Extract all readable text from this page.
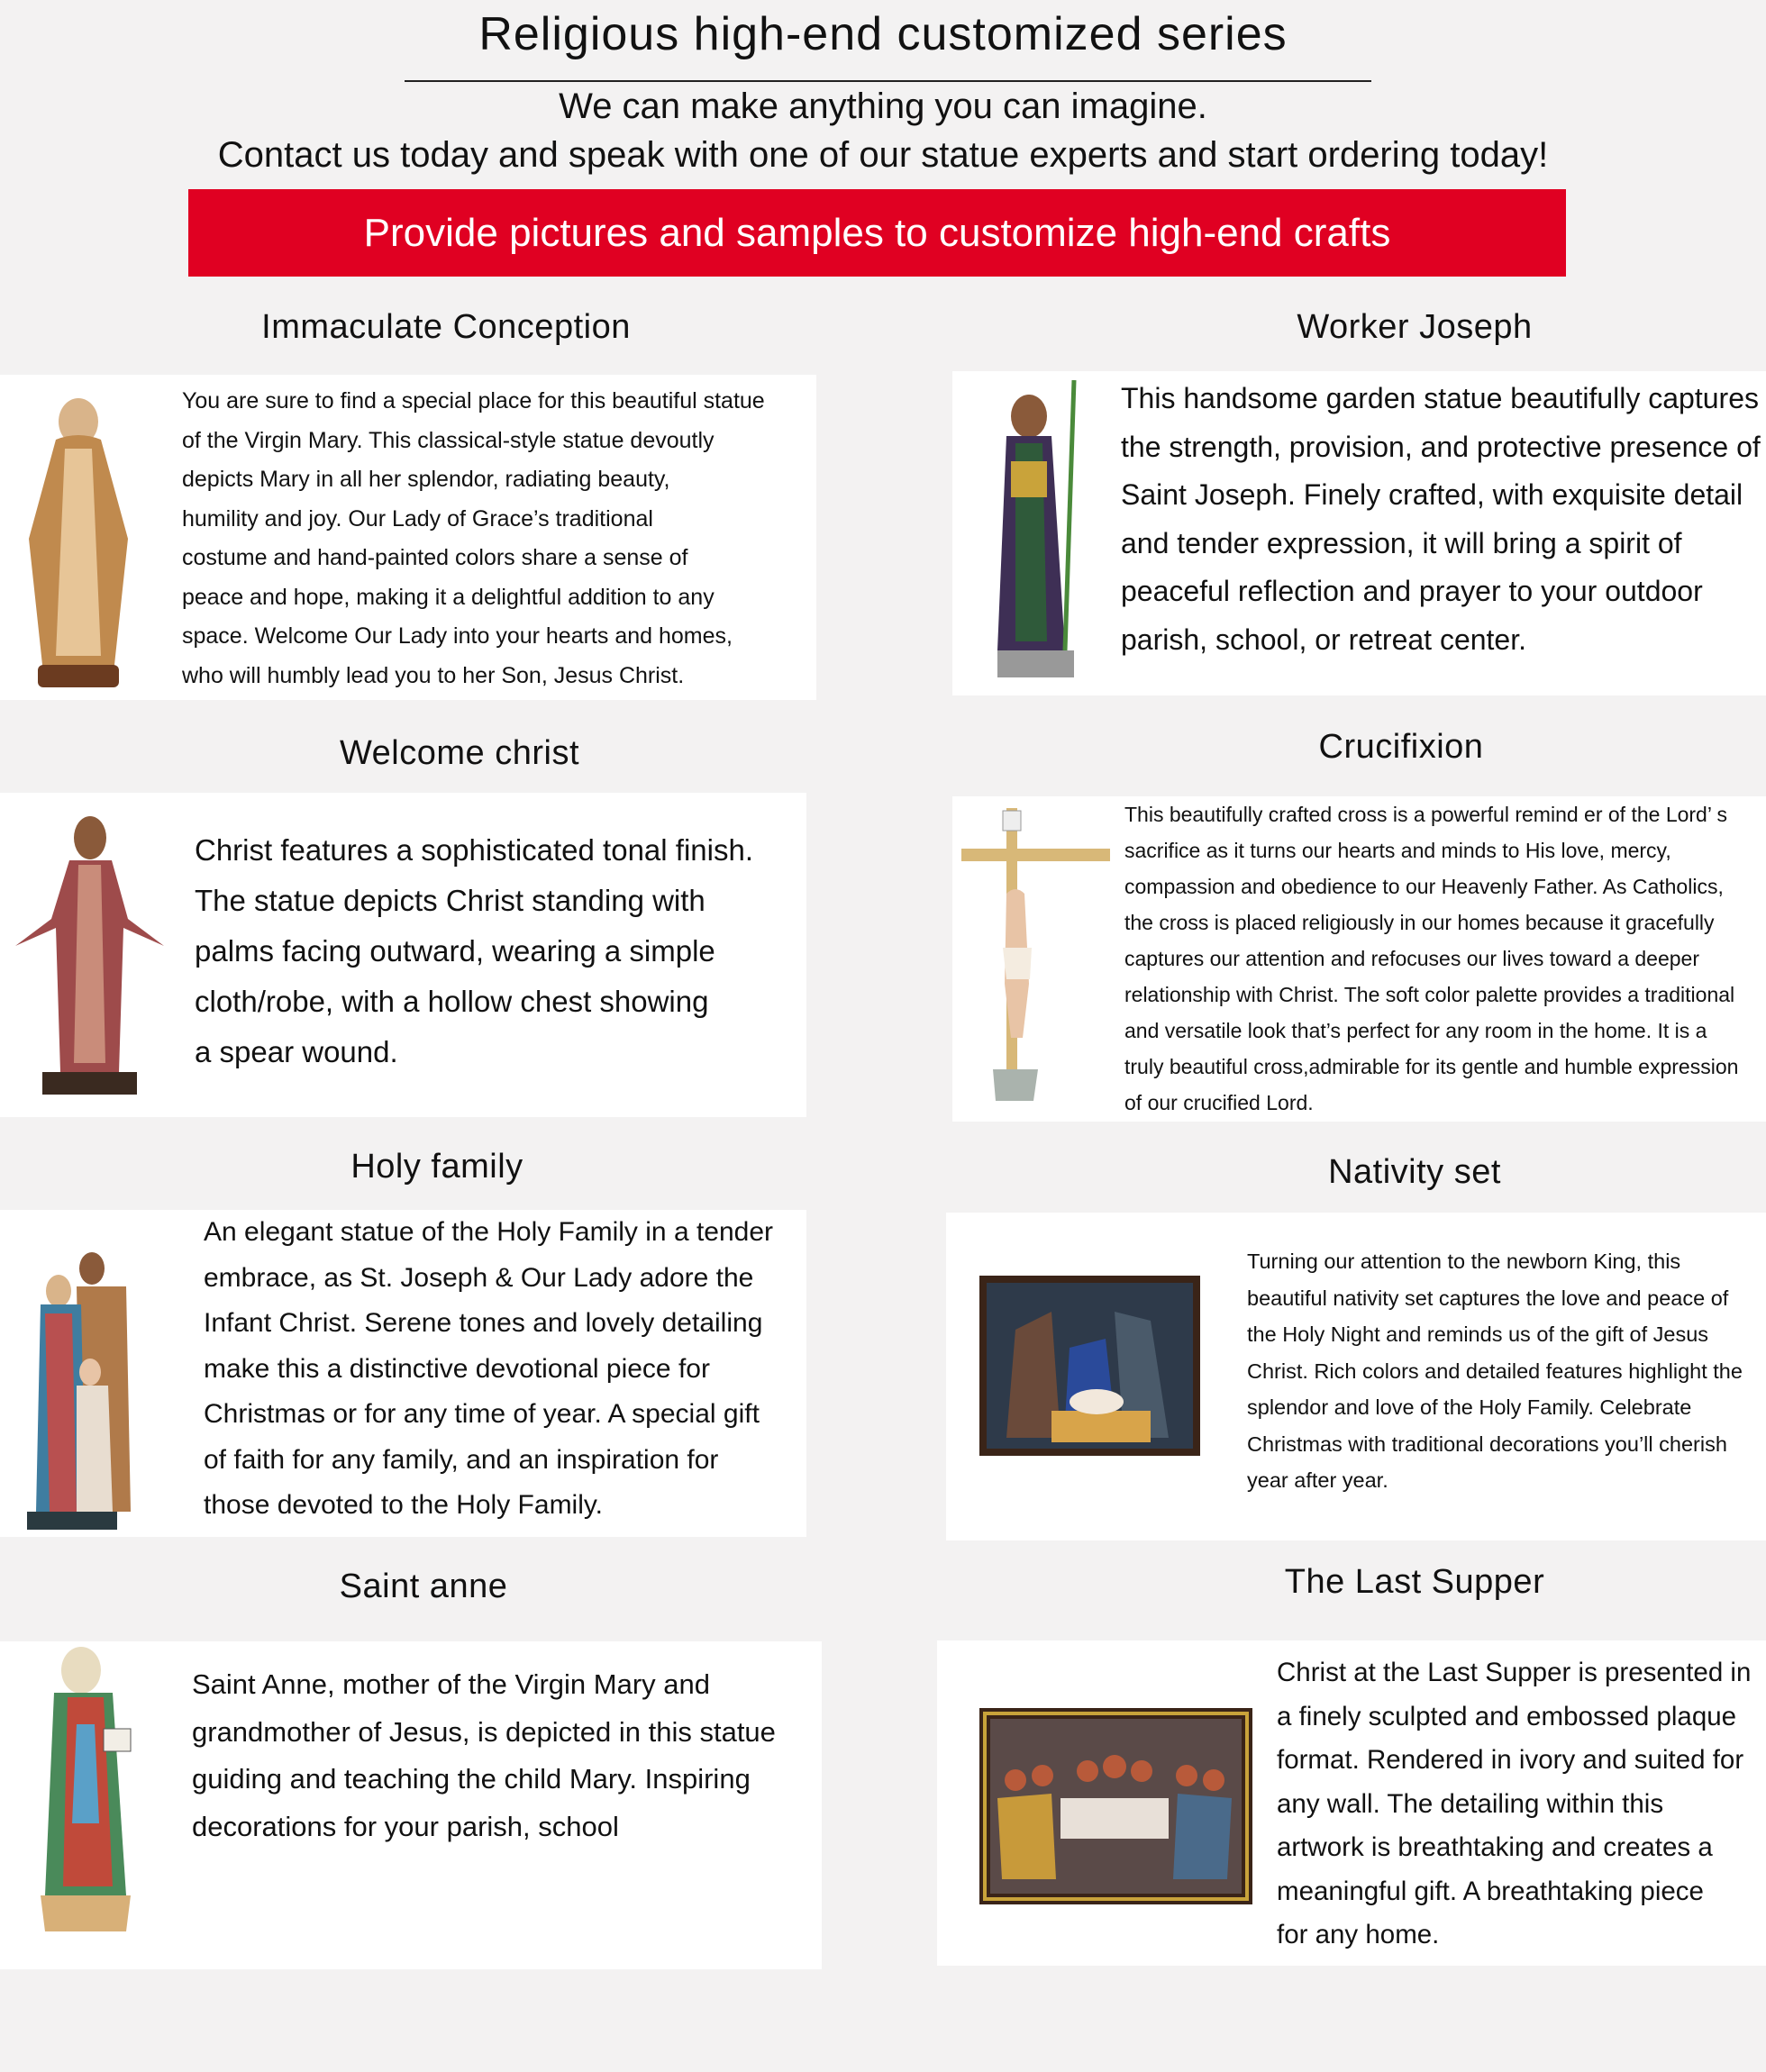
Religious high-end customized series
We can make anything you can imagine.
Contact us today and speak with one of our statue experts and start ordering today!
Provide pictures and samples to customize high-end crafts
Immaculate Conception
You are sure to find a special place for this beautiful statue
of the Virgin Mary. This classical-style statue devoutly
depicts Mary in all her splendor, radiating beauty,
humility and joy. Our Lady of Grace’s traditional
costume and hand-painted colors share a sense of
peace and hope, making it a delightful addition to any
space. Welcome Our Lady into your hearts and homes,
who will humbly lead you to her Son, Jesus Christ.
Worker Joseph
This handsome garden statue beautifully captures
the strength, provision, and protective presence of
Saint Joseph. Finely crafted, with exquisite detail
and tender expression, it will bring a spirit of
peaceful reflection and prayer to your outdoor
parish, school, or retreat center.
Welcome christ
Christ features a sophisticated tonal finish.
The statue depicts Christ standing with
palms facing outward, wearing a simple
cloth/robe, with a hollow chest showing
a spear wound.
Crucifixion
This beautifully crafted cross is a powerful remind er of the Lord’ s
sacrifice as it turns our hearts and minds to His love, mercy,
compassion and obedience to our Heavenly Father. As Catholics,
the cross is placed religiously in our homes because it gracefully
captures our attention and refocuses our lives toward a deeper
relationship with Christ. The soft color palette provides a traditional
and versatile look that’s perfect for any room in the home. It is a
truly beautiful cross,admirable for its gentle and humble expression
of our crucified Lord.
Holy family
An elegant statue of the Holy Family in a tender
embrace, as St. Joseph & Our Lady adore the
Infant Christ. Serene tones and lovely detailing
make this a distinctive devotional piece for
Christmas or for any time of year. A special gift
of faith for any family, and an inspiration for
those devoted to the Holy Family.
Nativity set
Turning our attention to the newborn King, this
beautiful nativity set captures the love and peace of
the Holy Night and reminds us of the gift of Jesus
Christ. Rich colors and detailed features highlight the
splendor and love of the Holy Family. Celebrate
Christmas with traditional decorations you’ll cherish
year after year.
Saint anne
Saint Anne, mother of the Virgin Mary and
grandmother of Jesus, is depicted in this statue
guiding and teaching the child Mary. Inspiring
decorations for your parish, school
The Last Supper
Christ at the Last Supper is presented in
a finely sculpted and embossed plaque
format. Rendered in ivory and suited for
any wall. The detailing within this
artwork is breathtaking and creates a
meaningful gift. A breathtaking piece
for any home.
